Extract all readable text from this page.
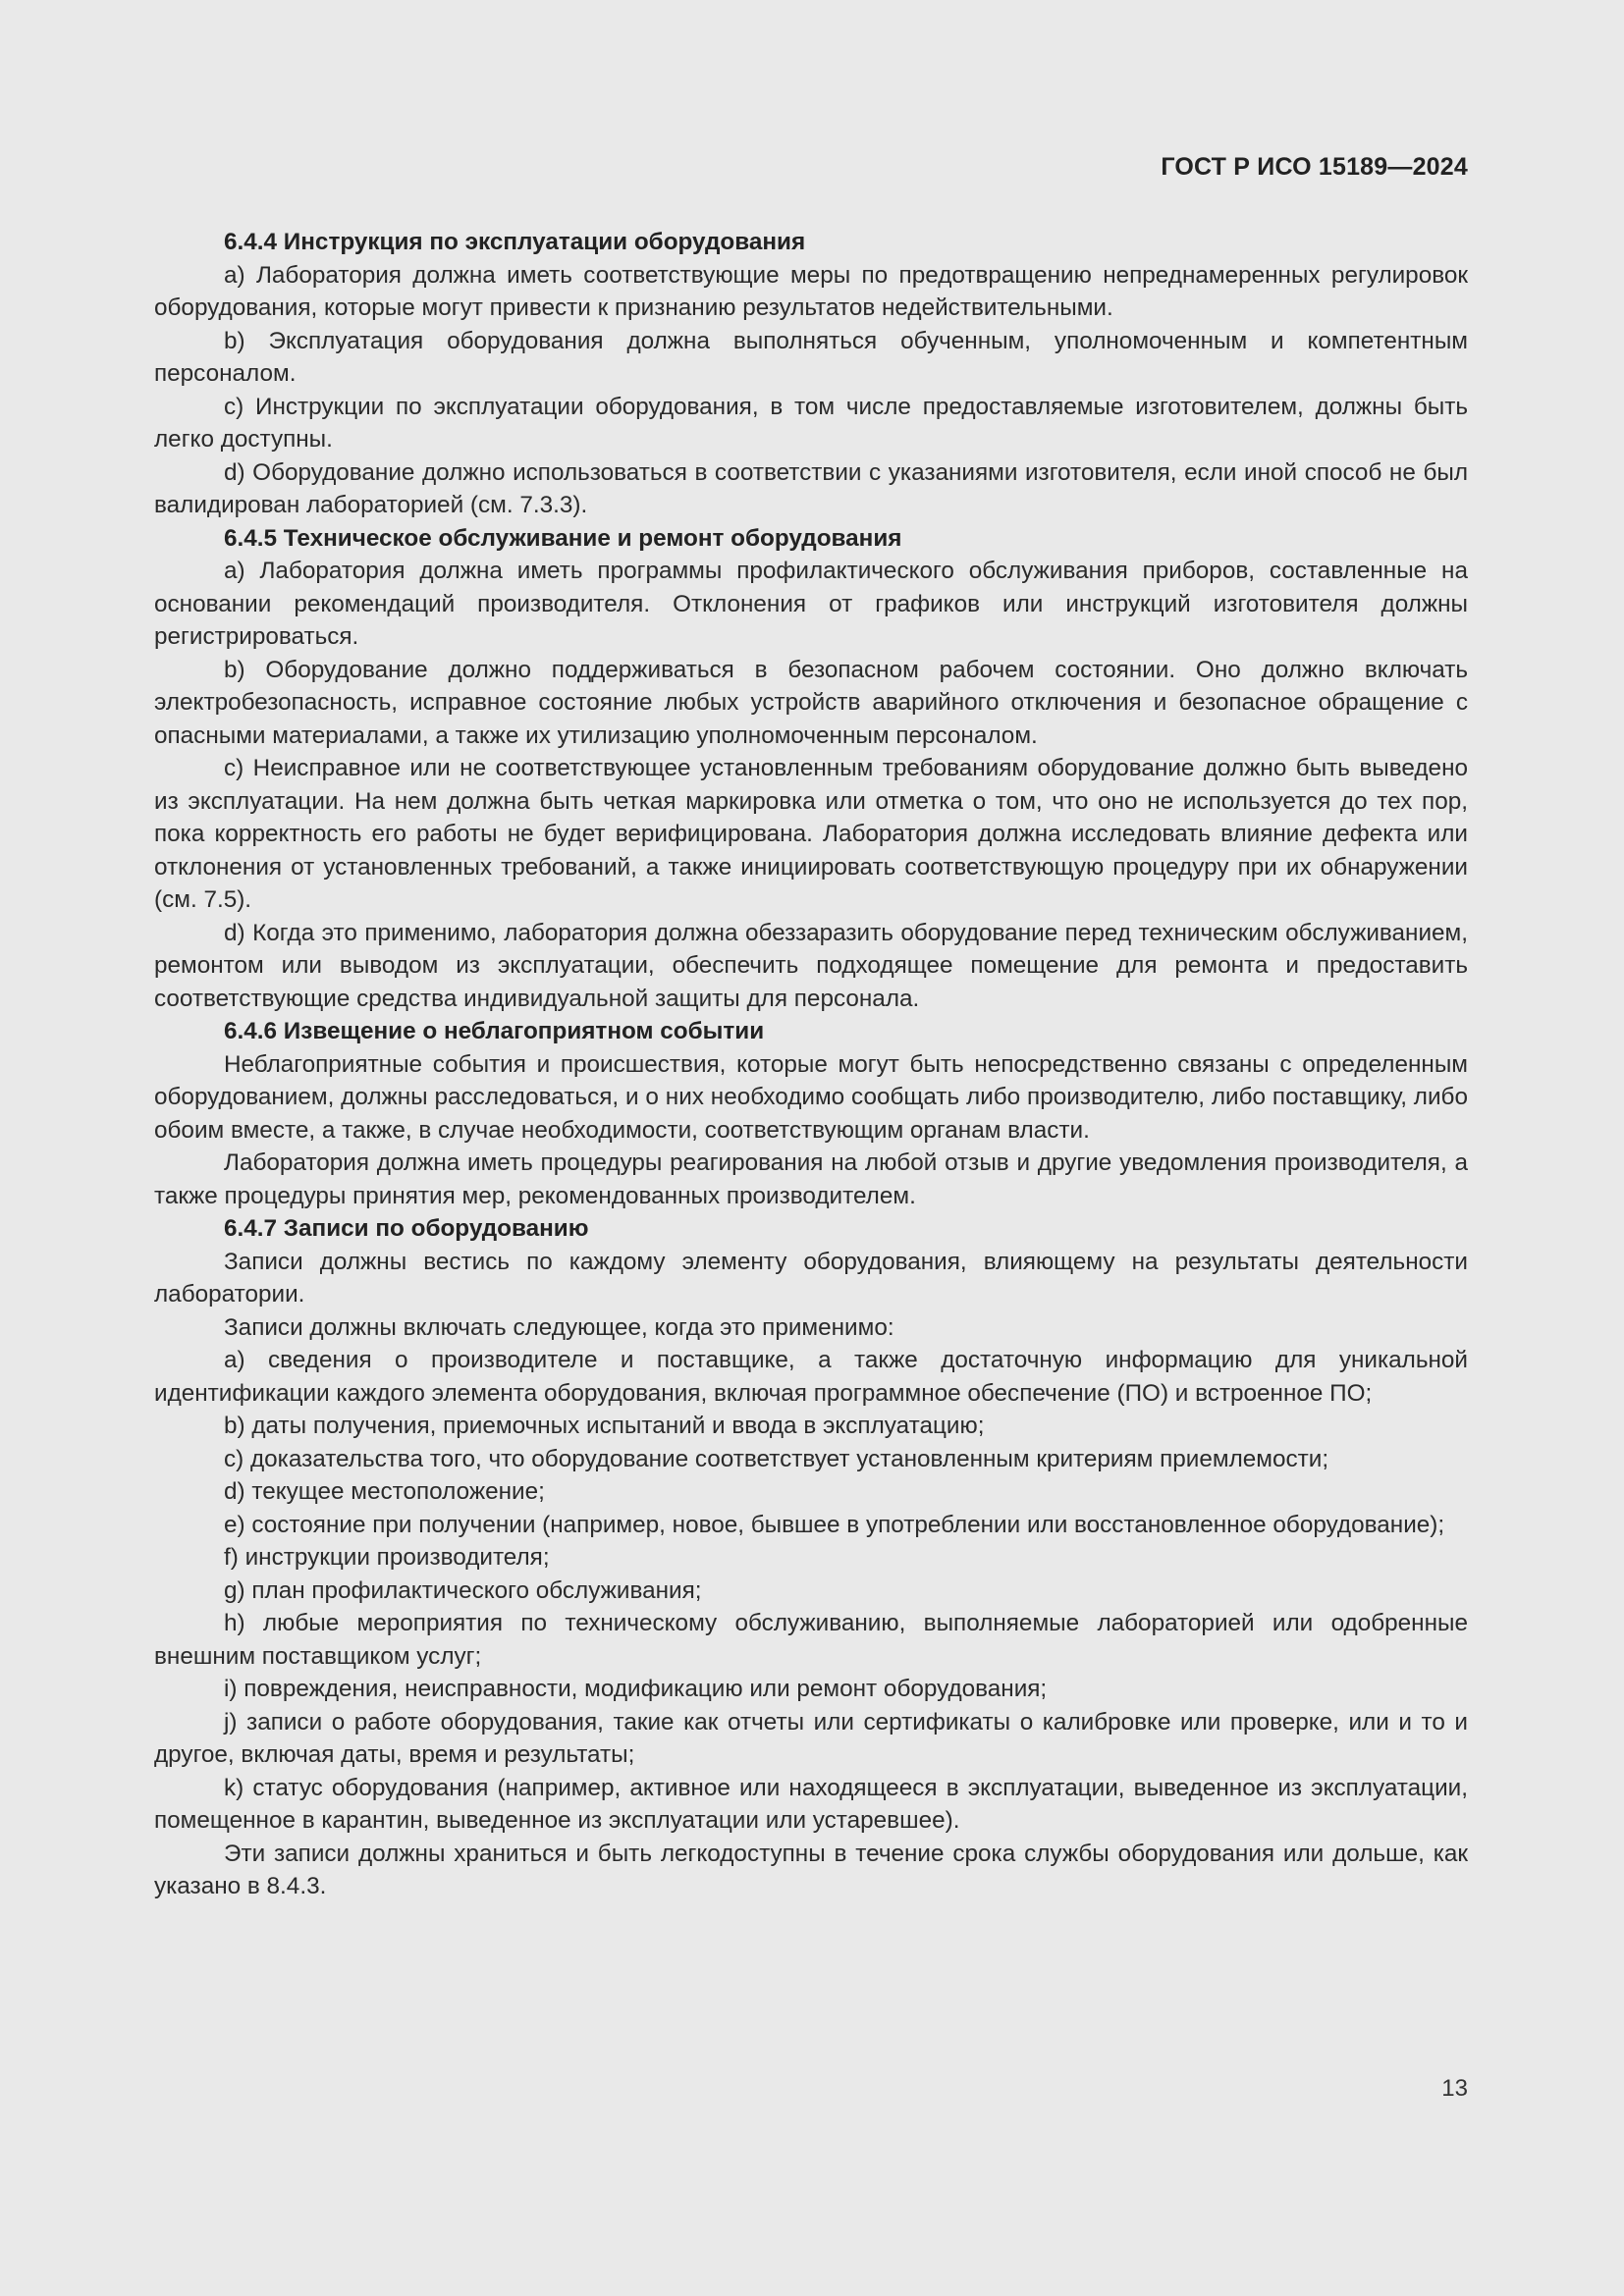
ГОСТ Р ИСО 15189—2024

6.4.4 Инструкция по эксплуатации оборудования

a) Лаборатория должна иметь соответствующие меры по предотвращению непреднамеренных регулировок оборудования, которые могут привести к признанию результатов недействительными.

b) Эксплуатация оборудования должна выполняться обученным, уполномоченным и компетентным персоналом.

c) Инструкции по эксплуатации оборудования, в том числе предоставляемые изготовителем, должны быть легко доступны.

d) Оборудование должно использоваться в соответствии с указаниями изготовителя, если иной способ не был валидирован лабораторией (см. 7.3.3).

6.4.5 Техническое обслуживание и ремонт оборудования

a) Лаборатория должна иметь программы профилактического обслуживания приборов, составленные на основании рекомендаций производителя. Отклонения от графиков или инструкций изготовителя должны регистрироваться.

b) Оборудование должно поддерживаться в безопасном рабочем состоянии. Оно должно включать электробезопасность, исправное состояние любых устройств аварийного отключения и безопасное обращение с опасными материалами, а также их утилизацию уполномоченным персоналом.

c) Неисправное или не соответствующее установленным требованиям оборудование должно быть выведено из эксплуатации. На нем должна быть четкая маркировка или отметка о том, что оно не используется до тех пор, пока корректность его работы не будет верифицирована. Лаборатория должна исследовать влияние дефекта или отклонения от установленных требований, а также инициировать соответствующую процедуру при их обнаружении (см. 7.5).

d) Когда это применимо, лаборатория должна обеззаразить оборудование перед техническим обслуживанием, ремонтом или выводом из эксплуатации, обеспечить подходящее помещение для ремонта и предоставить соответствующие средства индивидуальной защиты для персонала.

6.4.6 Извещение о неблагоприятном событии

Неблагоприятные события и происшествия, которые могут быть непосредственно связаны с определенным оборудованием, должны расследоваться, и о них необходимо сообщать либо производителю, либо поставщику, либо обоим вместе, а также, в случае необходимости, соответствующим органам власти.

Лаборатория должна иметь процедуры реагирования на любой отзыв и другие уведомления производителя, а также процедуры принятия мер, рекомендованных производителем.

6.4.7 Записи по оборудованию

Записи должны вестись по каждому элементу оборудования, влияющему на результаты деятельности лаборатории.

Записи должны включать следующее, когда это применимо:

a) сведения о производителе и поставщике, а также достаточную информацию для уникальной идентификации каждого элемента оборудования, включая программное обеспечение (ПО) и встроенное ПО;

b) даты получения, приемочных испытаний и ввода в эксплуатацию;

c) доказательства того, что оборудование соответствует установленным критериям приемлемости;

d) текущее местоположение;

e) состояние при получении (например, новое, бывшее в употреблении или восстановленное оборудование);

f) инструкции производителя;

g) план профилактического обслуживания;

h) любые мероприятия по техническому обслуживанию, выполняемые лабораторией или одобренные внешним поставщиком услуг;

i) повреждения, неисправности, модификацию или ремонт оборудования;

j) записи о работе оборудования, такие как отчеты или сертификаты о калибровке или проверке, или и то и другое, включая даты, время и результаты;

k) статус оборудования (например, активное или находящееся в эксплуатации, выведенное из эксплуатации, помещенное в карантин, выведенное из эксплуатации или устаревшее).

Эти записи должны храниться и быть легкодоступны в течение срока службы оборудования или дольше, как указано в 8.4.3.

13
